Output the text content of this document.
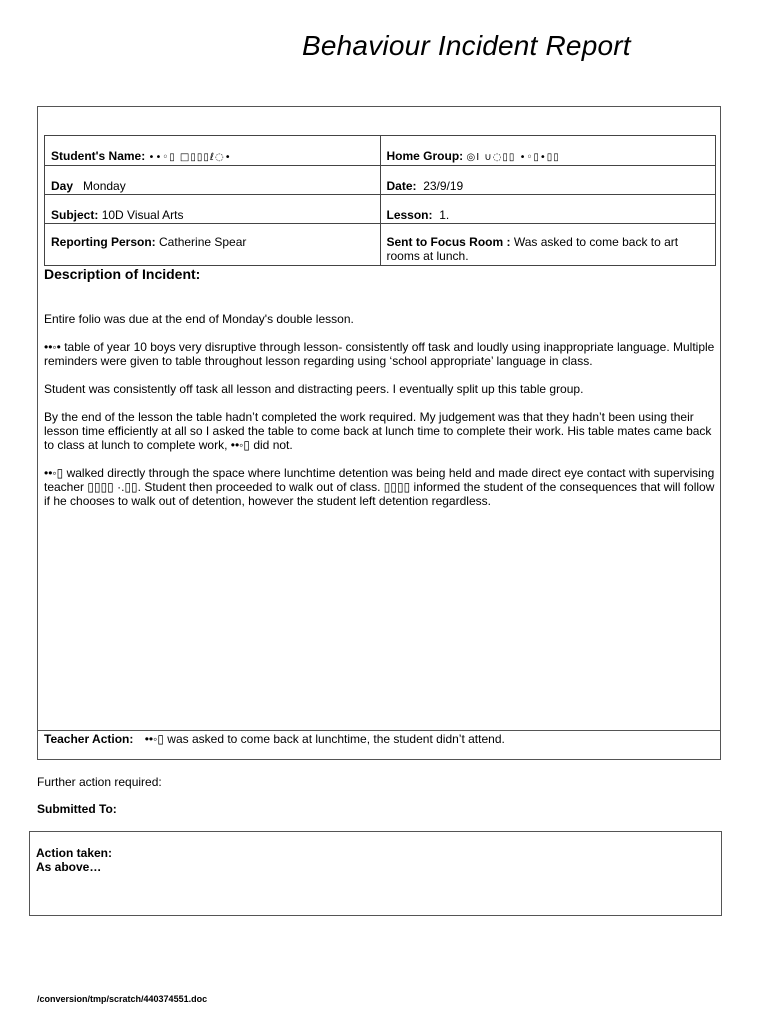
Behaviour Incident Report
Student's Name: ••◦▯ □▯▯▯ℓ◌•	Home Group: ◎I ∪◌▯▯ •◦▯•▯▯
Day Monday	Date: 23/9/19
Subject: 10D Visual Arts	Lesson: 1.
Reporting Person: Catherine Spear	Sent to Focus Room : Was asked to come back to art rooms at lunch.
Description of Incident:

Entire folio was due at the end of Monday's double lesson.

••◦• table of year 10 boys very disruptive through lesson- consistently off task and loudly using inappropriate language. Multiple reminders were given to table throughout lesson regarding using ‘school appropriate’ language in class.

Student was consistently off task all lesson and distracting peers. I eventually split up this table group.

By the end of the lesson the table hadn’t completed the work required. My judgement was that they hadn’t been using their lesson time efficiently at all so I asked the table to come back at lunch time to complete their work. His table mates came back to class at lunch to complete work, ••◦▯ did not.

••◦▯ walked directly through the space where lunchtime detention was being held and made direct eye contact with supervising teacher ▯▯▯▯ ·.▯▯. Student then proceeded to walk out of class. ▯▯▯▯ informed the student of the consequences that will follow if he chooses to walk out of detention, however the student left detention regardless.

Teacher Action: ••◦▯ was asked to come back at lunchtime, the student didn’t attend.
Further action required:
Submitted To:
Action taken:
As above…
/conversion/tmp/scratch/440374551.doc
